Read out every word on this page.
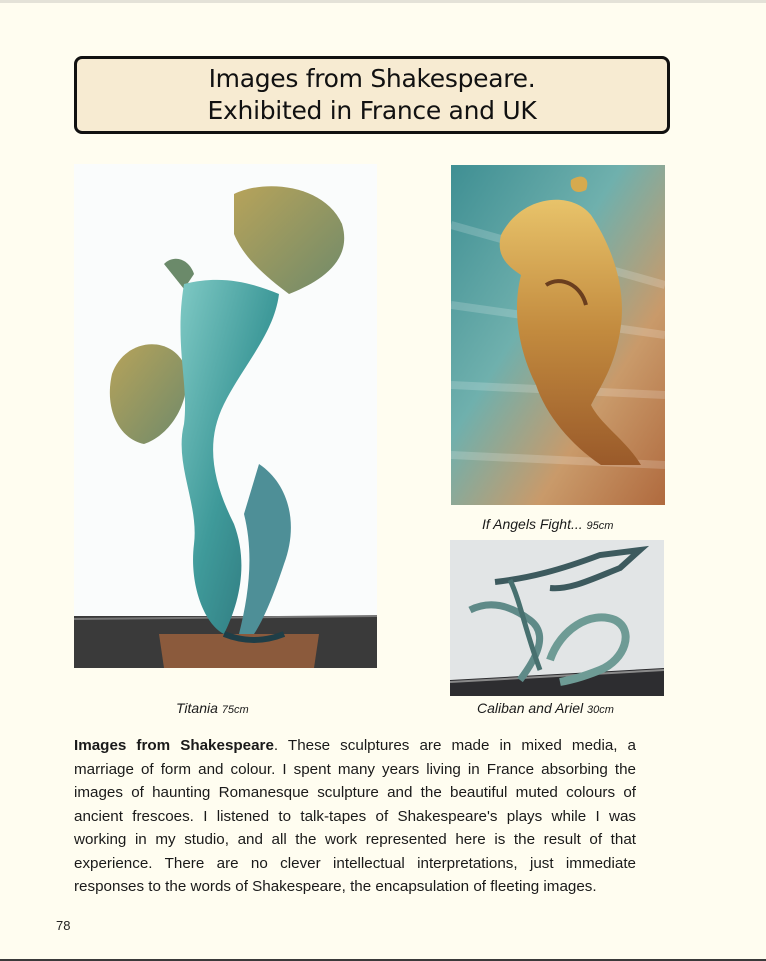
Images from Shakespeare.
Exhibited in France and UK
If Angels Fight... 95cm
Titania 75cm	Caliban and Ariel 30cm
Images from Shakespeare. These sculptures are made in mixed media, a marriage of form and colour. I spent many years living in France absorbing the images of haunting Romanesque sculpture and the beautiful muted colours of ancient frescoes. I listened to talk-tapes of Shakespeare's plays while I was working in my studio, and all the work represented here is the result of that experience. There are no clever intellectual interpretations, just immediate responses to the words of Shakespeare, the encapsulation of fleeting images.
78
